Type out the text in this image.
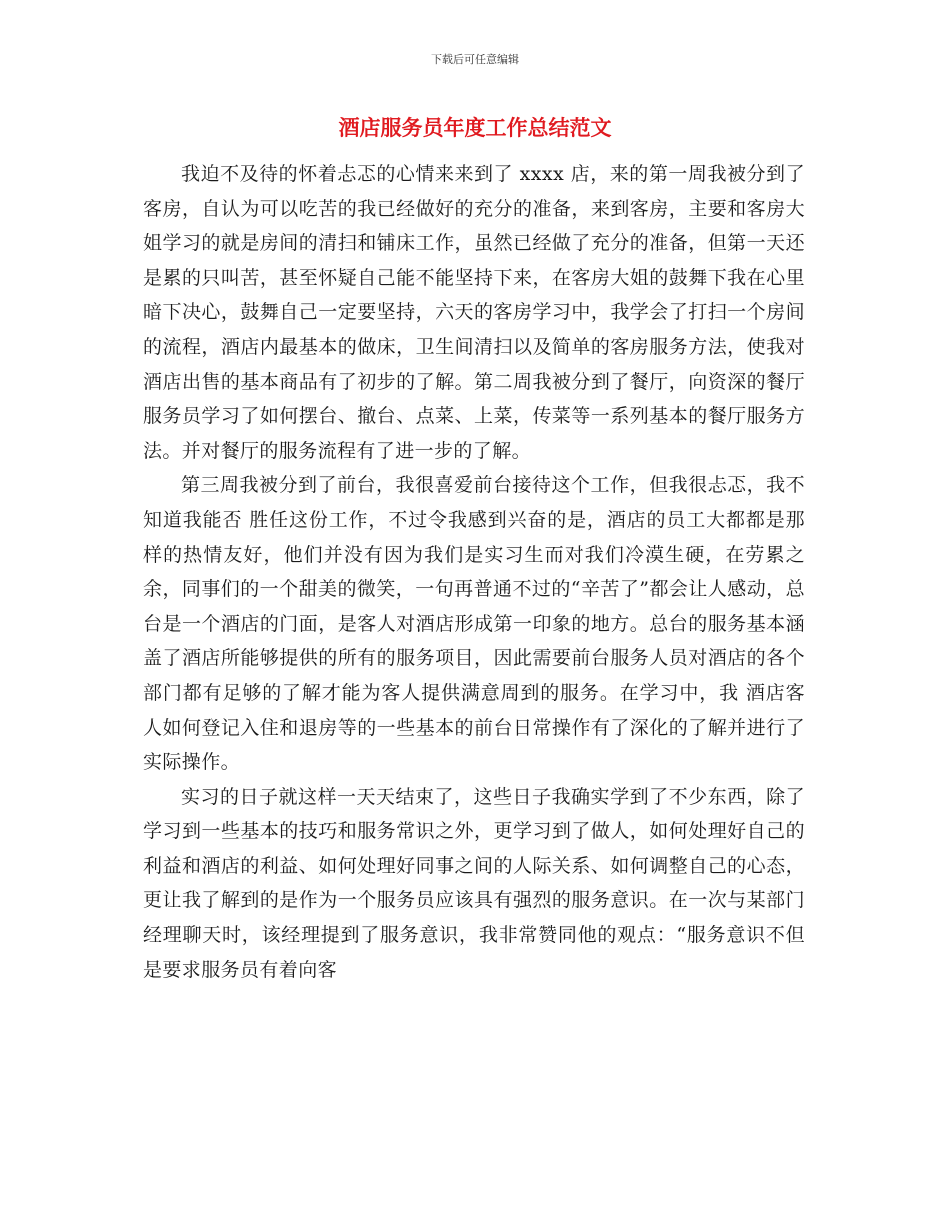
下载后可任意编辑
酒店服务员年度工作总结范文

我迫不及待的怀着忐忑的心情来来到了 xxxx 店，来的第一周我被分到了客房，自认为可以吃苦的我已经做好的充分的准备，来到客房，主要和客房大姐学习的就是房间的清扫和铺床工作，虽然已经做了充分的准备，但第一天还是累的只叫苦，甚至怀疑自己能不能坚持下来，在客房大姐的鼓舞下我在心里暗下决心，鼓舞自己一定要坚持，六天的客房学习中，我学会了打扫一个房间的流程，酒店内最基本的做床，卫生间清扫以及简单的客房服务方法，使我对酒店出售的基本商品有了初步的了解。第二周我被分到了餐厅，向资深的餐厅服务员学习了如何摆台、撤台、点菜、上菜，传菜等一系列基本的餐厅服务方法。并对餐厅的服务流程有了进一步的了解。

第三周我被分到了前台，我很喜爱前台接待这个工作，但我很忐忑，我不知道我能否 胜任这份工作，不过令我感到兴奋的是，酒店的员工大都都是那样的热情友好，他们并没有因为我们是实习生而对我们冷漠生硬，在劳累之余，同事们的一个甜美的微笑，一句再普通不过的“辛苦了”都会让人感动，总台是一个酒店的门面，是客人对酒店形成第一印象的地方。总台的服务基本涵盖了酒店所能够提供的所有的服务项目，因此需要前台服务人员对酒店的各个部门都有足够的了解才能为客人提供满意周到的服务。在学习中，我 酒店客人如何登记入住和退房等的一些基本的前台日常操作有了深化的了解并进行了实际操作。

实习的日子就这样一天天结束了，这些日子我确实学到了不少东西，除了学习到一些基本的技巧和服务常识之外，更学习到了做人，如何处理好自己的利益和酒店的利益、如何处理好同事之间的人际关系、如何调整自己的心态，更让我了解到的是作为一个服务员应该具有强烈的服务意识。在一次与某部门经理聊天时，该经理提到了服务意识，我非常赞同他的观点：“服务意识不但是要求服务员有着向客
